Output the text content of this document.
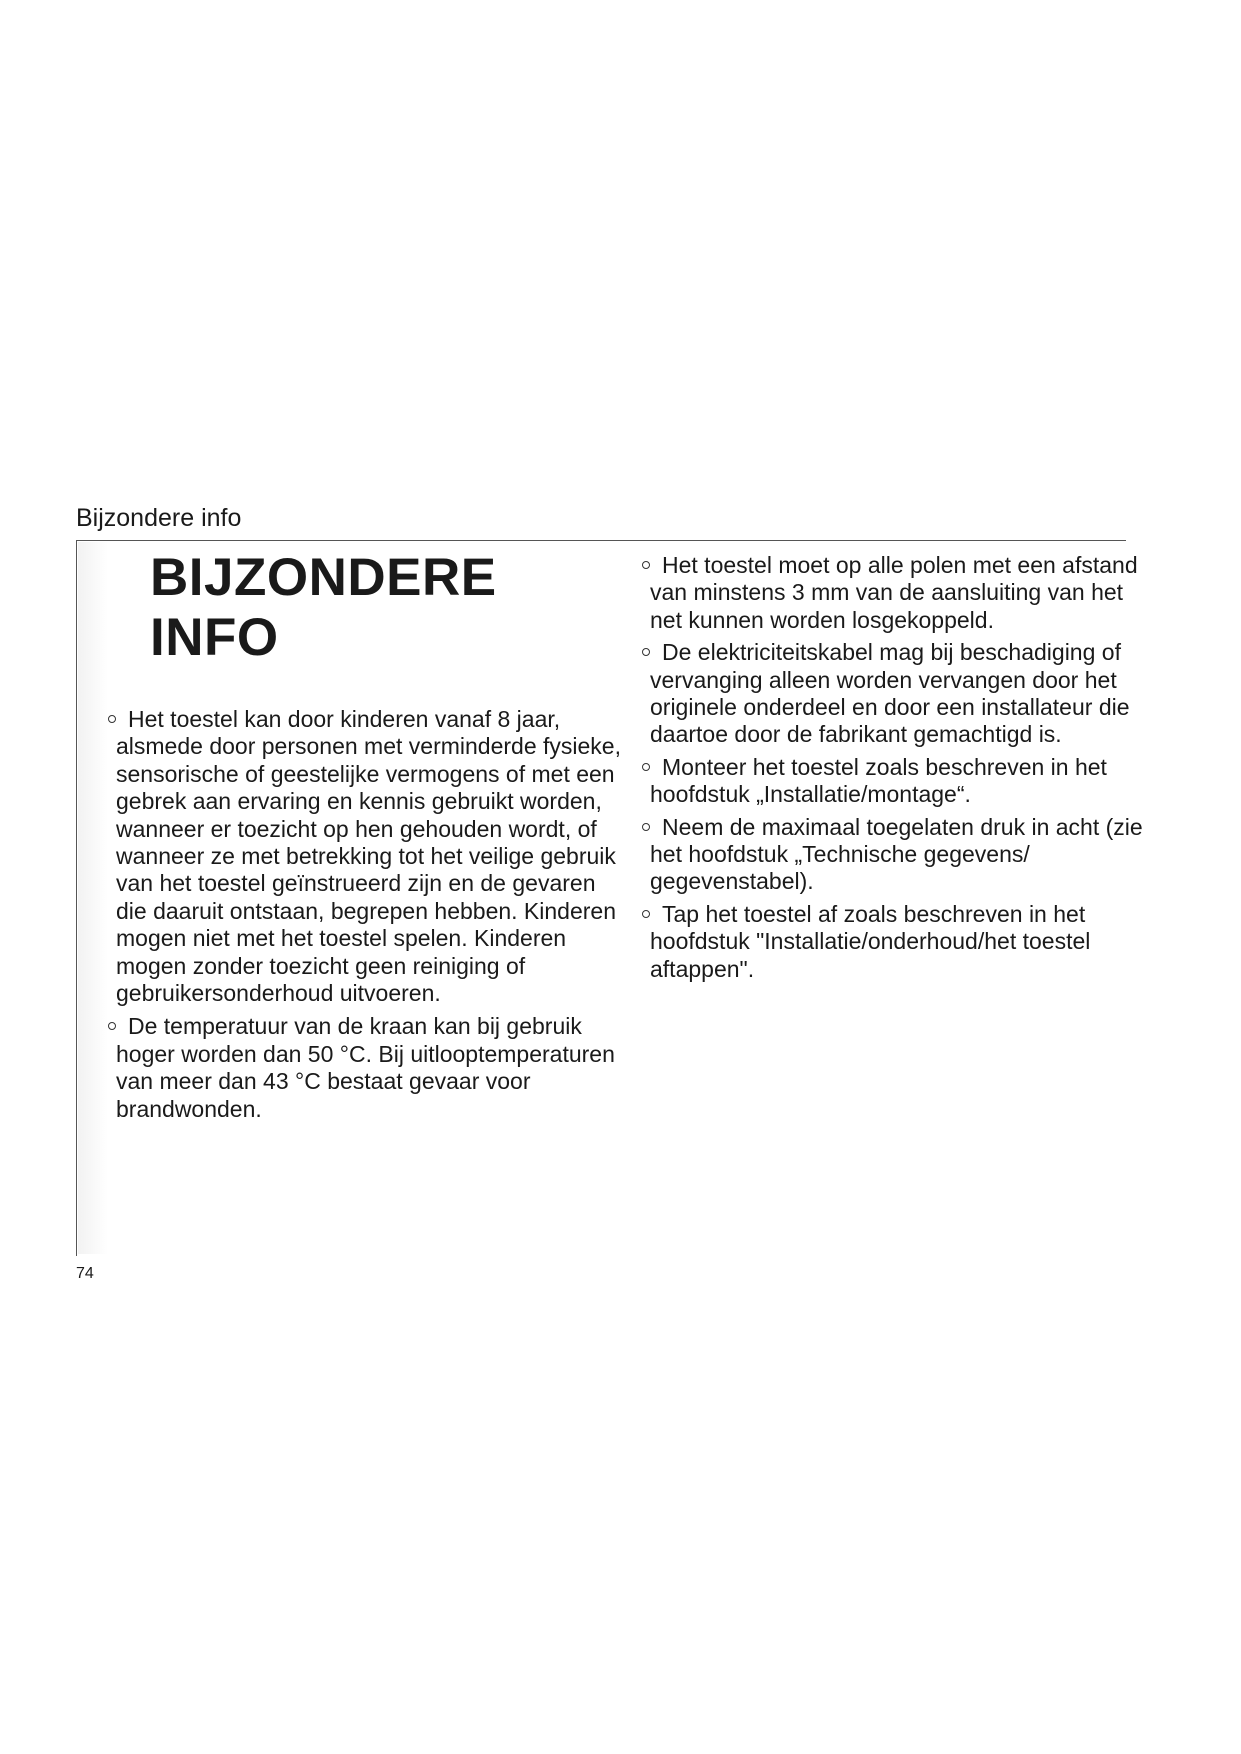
Bijzondere info
BIJZONDERE
INFO
Het toestel kan door kinderen vanaf 8 jaar, alsmede door personen met verminderde fysieke, sensorische of geestelijke vermogens of met een gebrek aan ervaring en kennis gebruikt worden, wanneer er toezicht op hen gehouden wordt, of wanneer ze met betrekking tot het veilige gebruik van het toestel geïnstrueerd zijn en de gevaren die daaruit ontstaan, begrepen hebben. Kinderen mogen niet met het toestel spelen. Kinderen mogen zonder toezicht geen reiniging of gebruikersonderhoud uitvoeren.
De temperatuur van de kraan kan bij gebruik hoger worden dan 50 °C. Bij uitlooptemperaturen van meer dan 43 °C bestaat gevaar voor brandwonden.
Het toestel moet op alle polen met een afstand van minstens 3 mm van de aansluiting van het net kunnen worden losgekoppeld.
De elektriciteitskabel mag bij beschadiging of vervanging alleen worden vervangen door het originele onderdeel en door een installateur die daartoe door de fabrikant gemachtigd is.
Monteer het toestel zoals beschreven in het hoofdstuk „Installatie/montage“.
Neem de maximaal toegelaten druk in acht (zie het hoofdstuk „Technische gegevens/ gegevenstabel).
Tap het toestel af zoals beschreven in het hoofdstuk "Installatie/onderhoud/het toestel aftappen".
74
